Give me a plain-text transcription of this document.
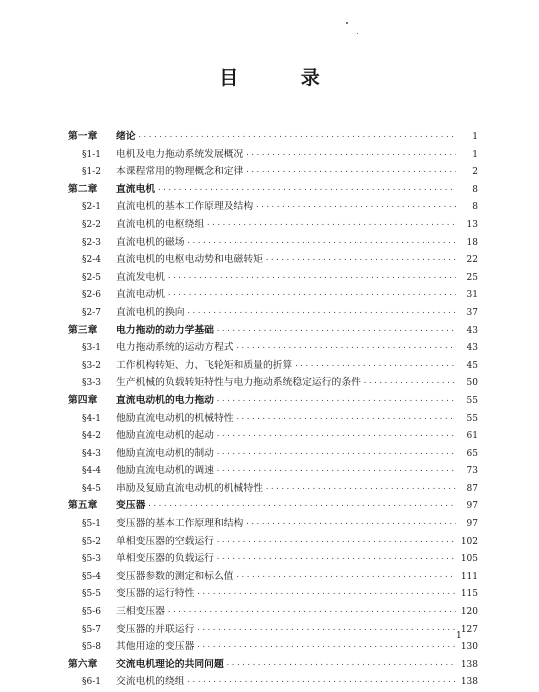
目 录
第一章	绪论 ·····	1
§1-1	电机及电力拖动系统发展概况 ·····	1
§1-2	本课程常用的物理概念和定律 ·····	2
第二章	直流电机 ·····	8
§2-1	直流电机的基本工作原理及结构 ·····	8
§2-2	直流电机的电枢绕组 ·····	13
§2-3	直流电机的磁场 ·····	18
§2-4	直流电机的电枢电动势和电磁转矩 ·····	22
§2-5	直流发电机 ·····	25
§2-6	直流电动机 ·····	31
§2-7	直流电机的换向 ·····	37
第三章	电力拖动的动力学基础 ·····	43
§3-1	电力拖动系统的运动方程式 ·····	43
§3-2	工作机构转矩、力、飞轮矩和质量的折算 ·····	45
§3-3	生产机械的负载转矩特性与电力拖动系统稳定运行的条件 ·····	50
第四章	直流电动机的电力拖动 ·····	55
§4-1	他励直流电动机的机械特性 ·····	55
§4-2	他励直流电动机的起动 ·····	61
§4-3	他励直流电动机的制动 ·····	65
§4-4	他励直流电动机的调速 ·····	73
§4-5	串励及复励直流电动机的机械特性 ·····	87
第五章	变压器 ·····	97
§5-1	变压器的基本工作原理和结构 ·····	97
§5-2	单相变压器的空载运行 ·····	102
§5-3	单相变压器的负载运行 ·····	105
§5-4	变压器参数的测定和标么值 ·····	111
§5-5	变压器的运行特性 ·····	115
§5-6	三相变压器 ·····	120
§5-7	变压器的并联运行 ·····	127
§5-8	其他用途的变压器 ·····	130
第六章	交流电机理论的共同问题 ·····	138
§6-1	交流电机的绕组 ·····	138
1
